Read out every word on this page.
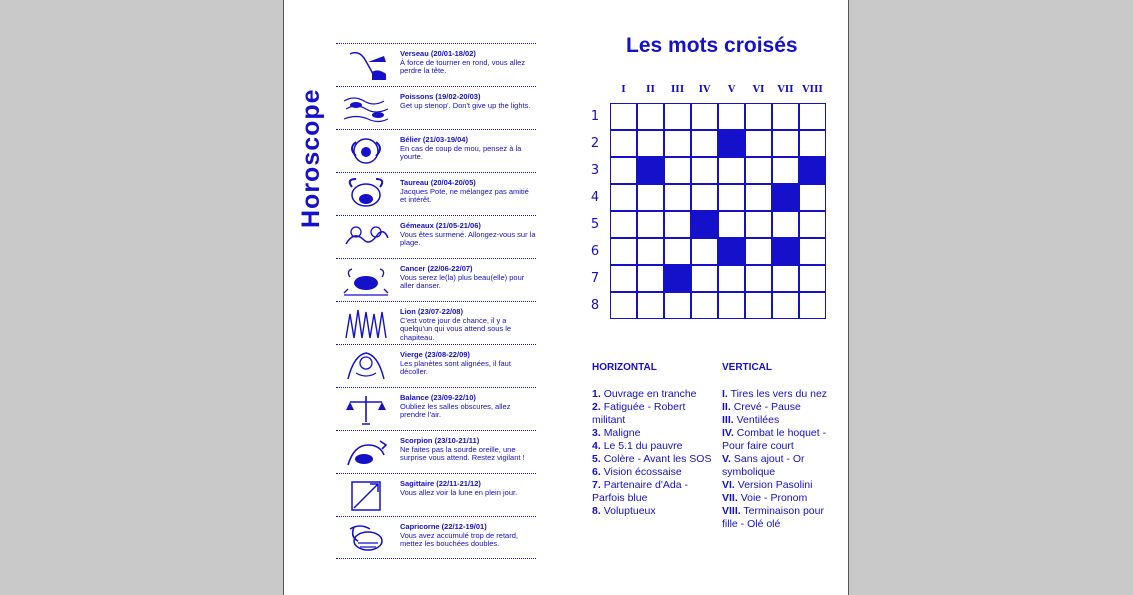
Horoscope
Verseau (20/01-18/02)
À force de tourner en rond, vous allez perdre la tête.
Poissons (19/02-20/03)
Get up stenop'. Don't give up the lights.
Bélier (21/03-19/04)
En cas de coup de mou, pensez à la yourte.
Taureau (20/04-20/05)
Jacques Pote, ne mélangez pas amitié et intérêt.
Gémeaux (21/05-21/06)
Vous êtes surmené. Allongez-vous sur la plage.
Cancer (22/06-22/07)
Vous serez le(la) plus beau(elle) pour aller danser.
Lion (23/07-22/08)
C'est votre jour de chance, il y a quelqu'un qui vous attend sous le chapiteau.
Vierge (23/08-22/09)
Les planètes sont alignées, il faut décoller.
Balance (23/09-22/10)
Oubliez les salles obscures, allez prendre l'air.
Scorpion (23/10-21/11)
Ne faites pas la sourde oreille, une surprise vous attend. Restez vigilant !
Sagittaire (22/11-21/12)
Vous allez voir la lune en plein jour.
Capricorne (22/12-19/01)
Vous avez accumulé trop de retard, mettez les bouchées doubles.
Les mots croisés
I	II	III	IV	V	VI	VII VIII
1
2
3
4
5
6
7
8
HORIZONTAL	VERTICAL
1. Ouvrage en tranche
2. Fatiguée - Robert militant
3. Maligne
4. Le 5.1 du pauvre
5. Colère - Avant les SOS
6. Vision écossaise
7. Partenaire d'Ada - Parfois blue
8. Voluptueux
I. Tires les vers du nez
II. Crevé - Pause
III. Ventilées
IV. Combat le hoquet - Pour faire court
V. Sans ajout - Or symbolique
VI. Version Pasolini
VII. Voie - Pronom
VIII. Terminaison pour fille - Olé olé
